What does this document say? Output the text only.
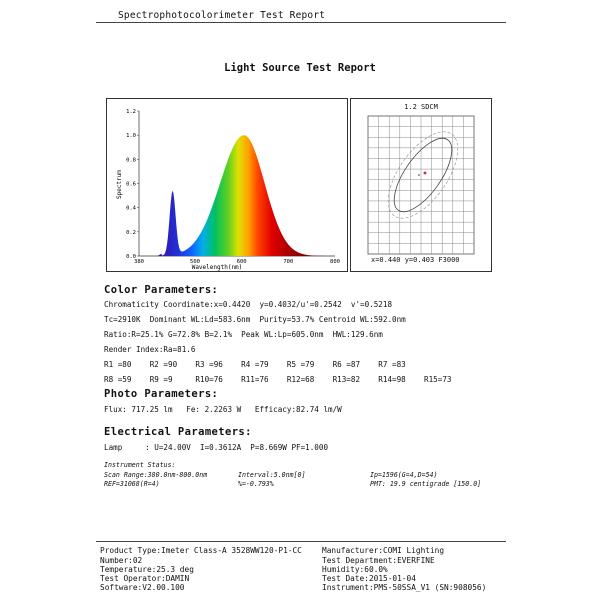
Spectrophotocolorimeter Test Report
Light Source Test Report
0.0
0.2
0.4
0.6
0.8
1.0
1.2
380	500	600	700	800
Spectrum
Wavelength(nm)
1.2 SDCM
x=0.440 y=0.403 F3000
Color Parameters:
Chromaticity Coordinate:x=0.4420  y=0.4032/u'=0.2542  v'=0.5218
Tc=2910K  Dominant WL:Ld=583.6nm  Purity=53.7% Centroid WL:592.0nm
Ratio:R=25.1% G=72.8% B=2.1%  Peak WL:Lp=605.0nm  HWL:129.6nm
Render Index:Ra=81.6
R1 =80    R2 =90    R3 =96    R4 =79    R5 =79    R6 =87    R7 =83
R8 =59    R9 =9     R10=76    R11=76    R12=68    R13=82    R14=98    R15=73
Photo Parameters:
Flux: 717.25 lm   Fe: 2.2263 W   Efficacy:82.74 lm/W
Electrical Parameters:
Lamp     : U=24.00V  I=0.3612A  P=8.669W PF=1.000
Instrument Status:
Scan Range:380.0nm-800.0nm	Interval:5.0nm[0]	Ip=1596(G=4,D=54)
REF=31068(R=4)	%=-0.793%	PMT: 19.9 centigrade [150.0]
Product Type:Imeter Class-A 3528WW120-P1-CC	Manufacturer:COMI Lighting
Number:02	Test Department:EVERFINE
Temperature:25.3 deg	Humidity:60.0%
Test Operator:DAMIN	Test Date:2015-01-04
Software:V2.00.100	Instrument:PMS-50SSA_V1 (SN:908056)
